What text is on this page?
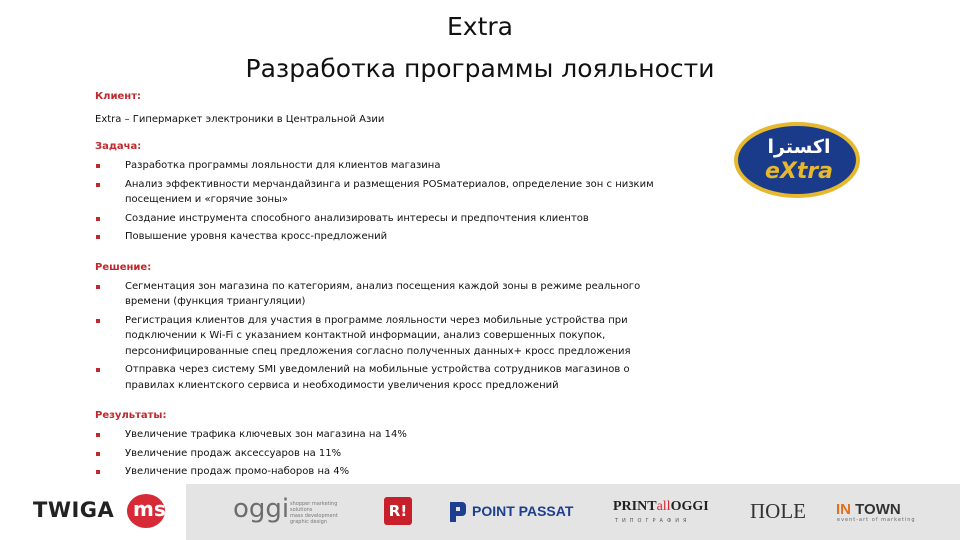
Extra
Разработка программы лояльности
Клиент:
Extra – Гипермаркет электроники в Центральной Азии
Задача:
Разработка программы лояльности для клиентов магазина
Анализ эффективности мерчандайзинга и размещения POSматериалов, определение зон с низким посещением и «горячие зоны»
Создание инструмента способного анализировать интересы и предпочтения клиентов
Повышение уровня качества кросс-предложений
Решение:
Сегментация зон магазина по категориям, анализ посещения каждой зоны в режиме реального времени (функция триангуляции)
Регистрация клиентов для участия в программе лояльности через мобильные устройства при подключении к Wi-Fi с указанием контактной информации, анализ совершенных покупок, персонифицированные спец предложения согласно полученных данных+ кросс предложения
Отправка через систему SMI уведомлений на мобильные устройства сотрудников магазинов о правилах клиентского сервиса и необходимости увеличения кросс предложений
Результаты:
Увеличение трафика ключевых зон магазина на 14%
Увеличение продаж аксессуаров на 11%
Увеличение продаж промо-наборов на 4%
اكسترا
eXtra
TWIGA ms	oggi shopper marketing solutions
mass development
graphic design
R!	POINT PASSAT	PRINTallOGGI
ТИПОГРАФИЯ	ПОLE IN TOWN
event-art of marketing
